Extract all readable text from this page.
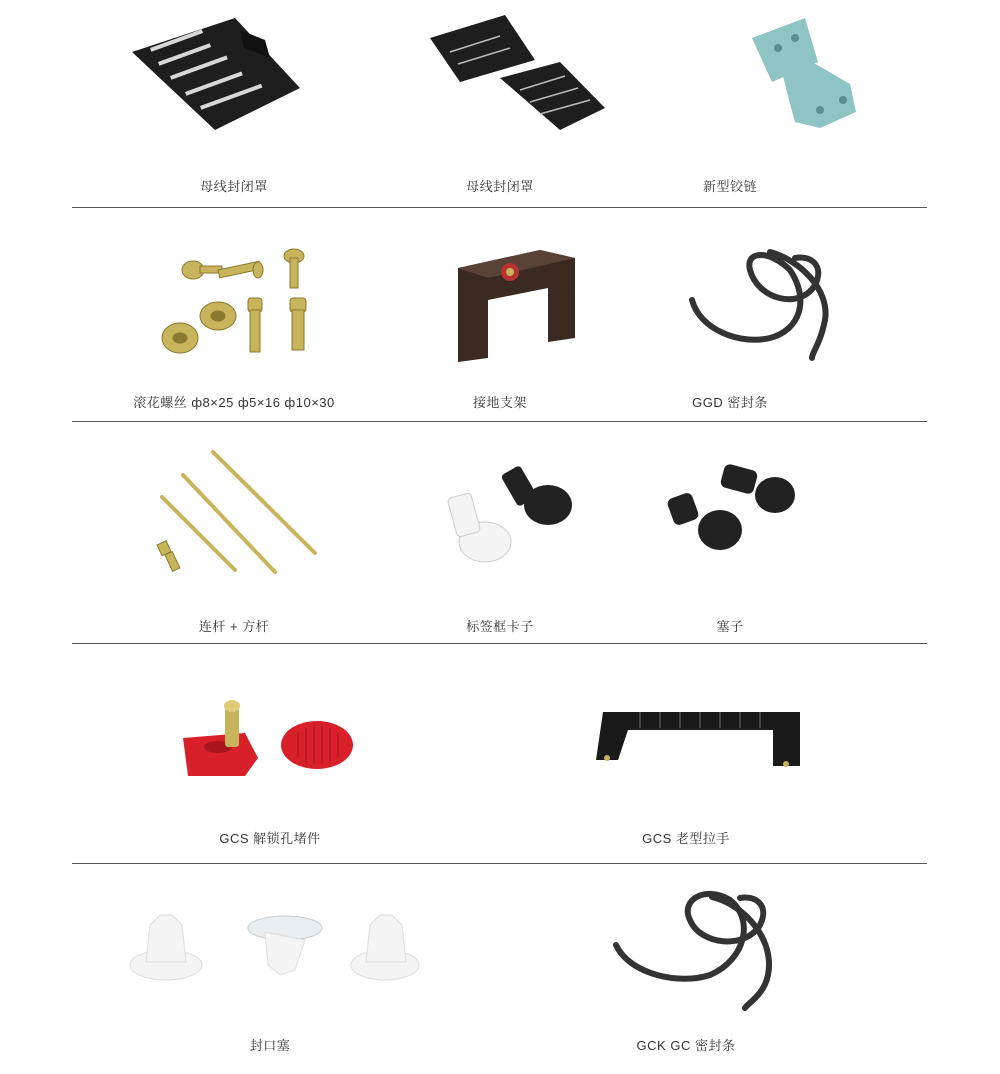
母线封闭罩	母线封闭罩	新型铰链
滚花螺丝 ф8×25 ф5×16 ф10×30	接地支架	GGD 密封条
连杆 + 方杆	标签框卡子	塞子
GCS 解锁孔堵件	GCS 老型拉手
封口塞	GCK GC 密封条
